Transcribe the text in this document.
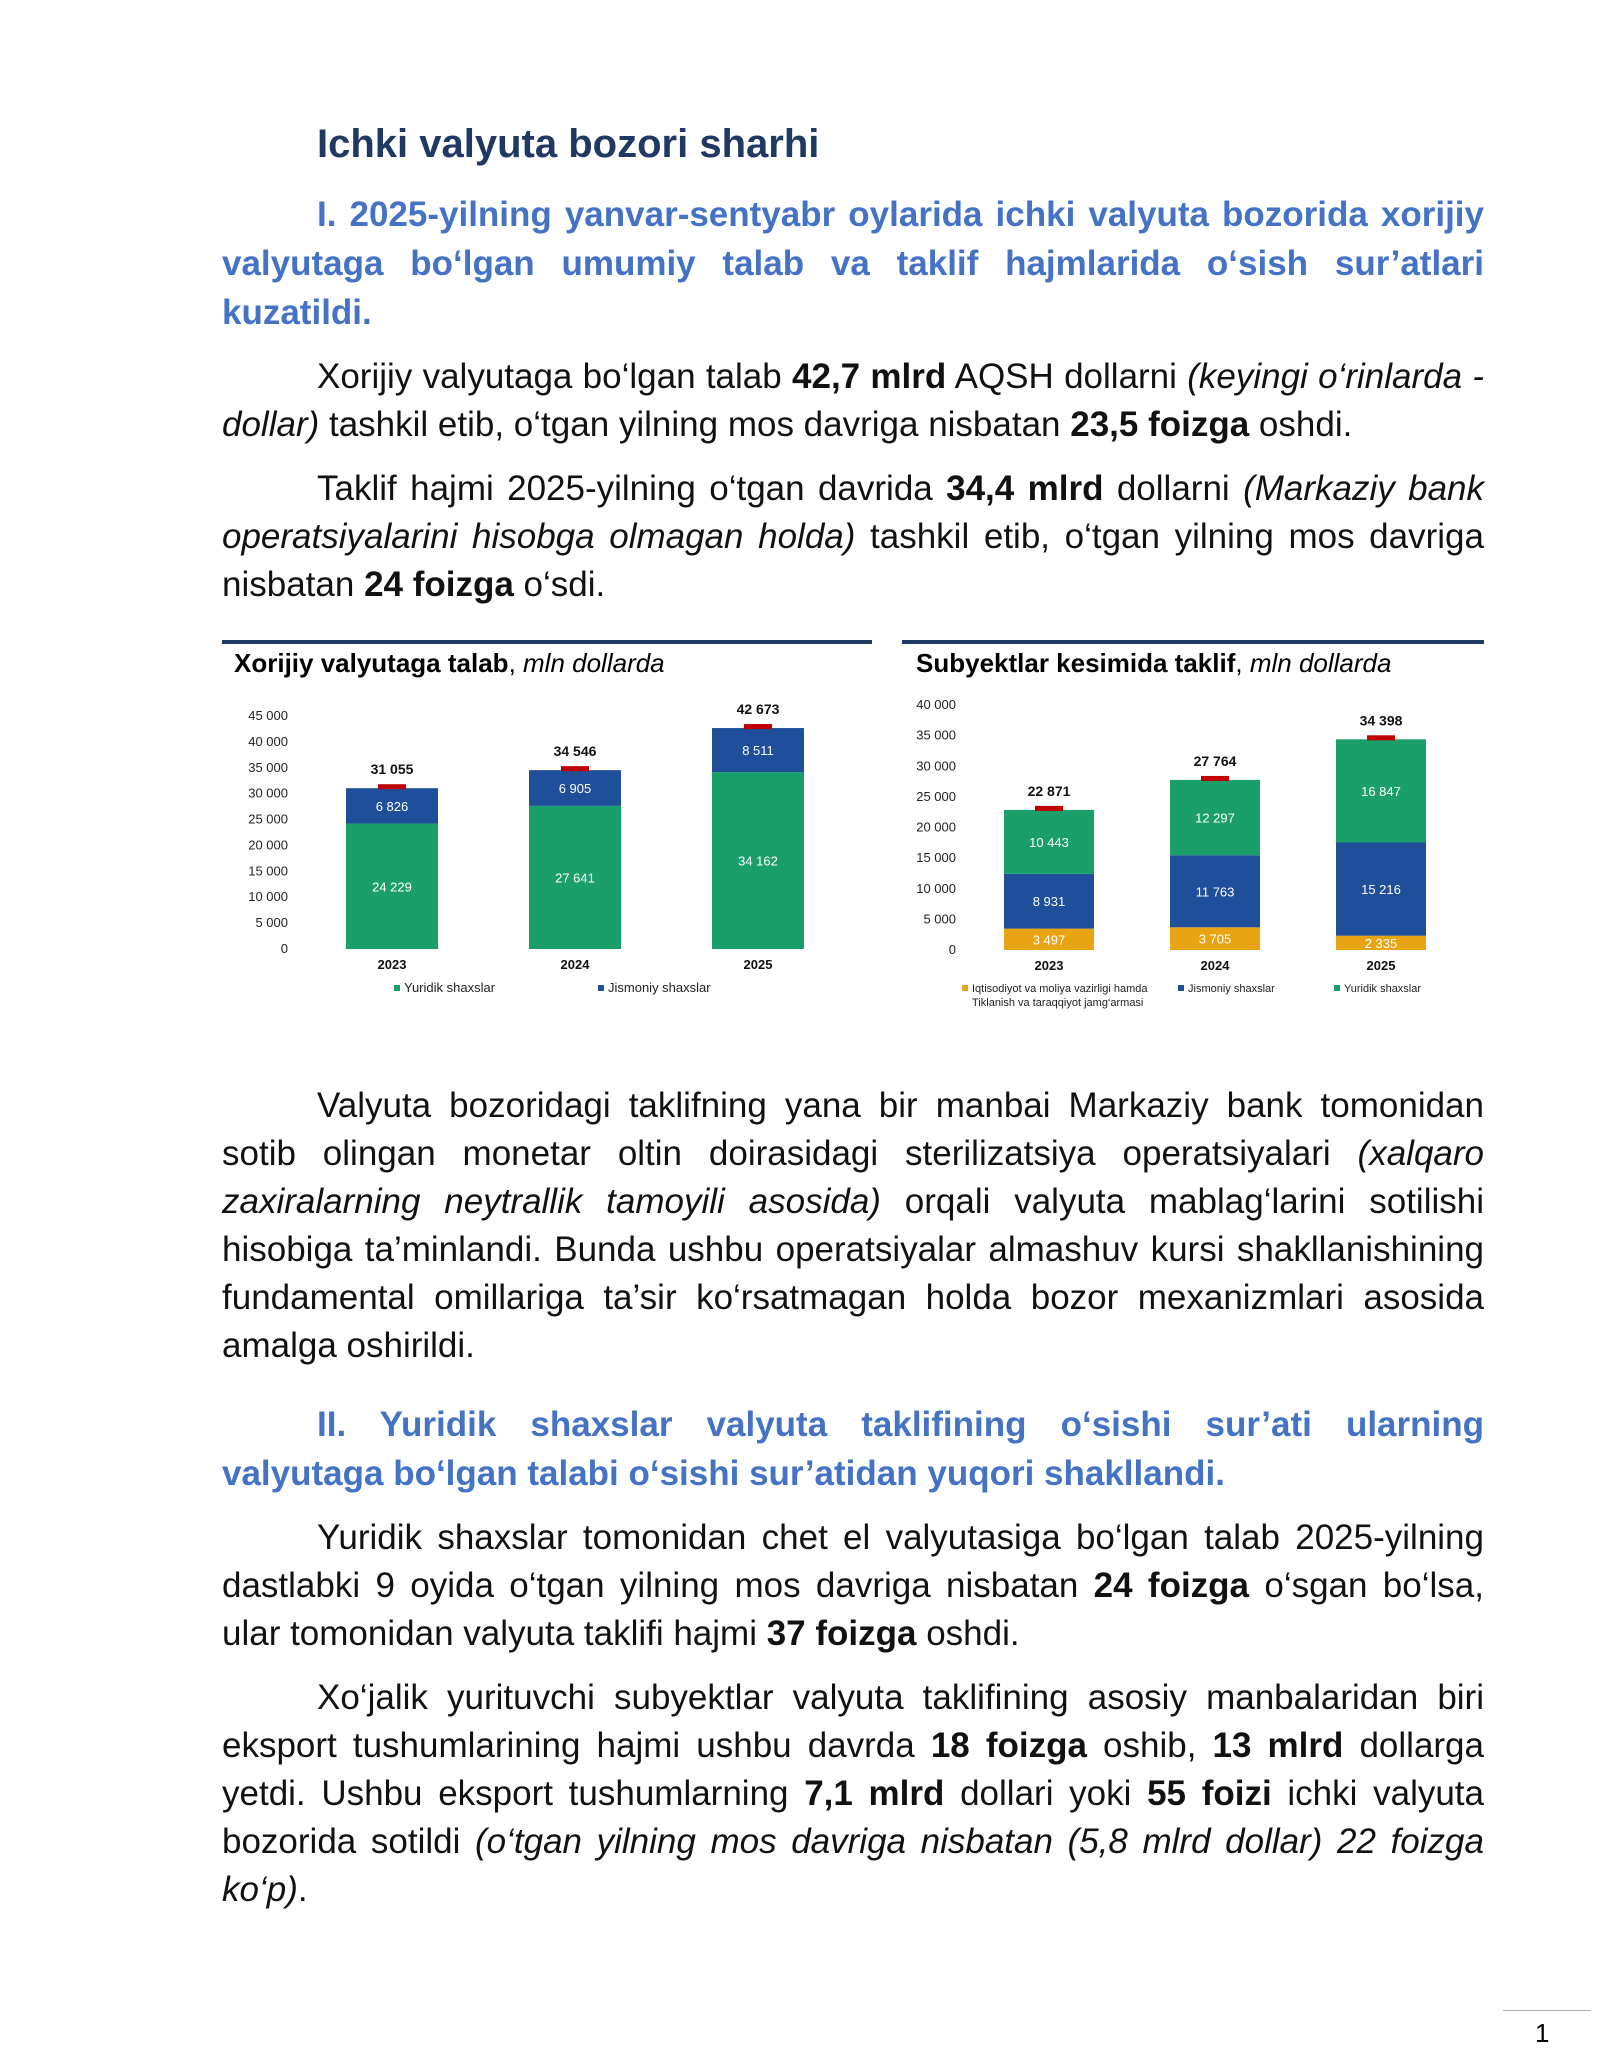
Ichki valyuta bozori sharhi

I. 2025-yilning yanvar-sentyabr oylarida ichki valyuta bozorida xorijiy valyutaga bo‘lgan umumiy talab va taklif hajmlarida o‘sish sur’atlari kuzatildi.

Xorijiy valyutaga bo‘lgan talab 42,7 mlrd AQSH dollarni (keyingi o‘rinlarda - dollar) tashkil etib, o‘tgan yilning mos davriga nisbatan 23,5 foizga oshdi.

Taklif hajmi 2025-yilning o‘tgan davrida 34,4 mlrd dollarni (Markaziy bank operatsiyalarini hisobga olmagan holda) tashkil etib, o‘tgan yilning mos davriga nisbatan 24 foizga o‘sdi.

Xorijiy valyutaga talab, mln dollarda
0
5 000
10 000
15 000
20 000
25 000
30 000
35 000
40 000
45 000
24 229
6 826
31 055
2023
27 641
6 905
34 546
2024
34 162
8 511
42 673
2025
Yuridik shaxslar	Jismoniy shaxslar
Subyektlar kesimida taklif, mln dollarda
0
5 000
10 000
15 000
20 000
25 000
30 000
35 000
40 000
3 497
8 931
10 443
22 871
2023
3 705
11 763
12 297
27 764
2024
2 335
15 216
16 847
34 398
2025
Iqtisodiyot va moliya vazirligi hamda
Tiklanish va taraqqiyot jamg‘armasi
Jismoniy shaxslar	Yuridik shaxslar

Valyuta bozoridagi taklifning yana bir manbai Markaziy bank tomonidan sotib olingan monetar oltin doirasidagi sterilizatsiya operatsiyalari (xalqaro zaxiralarning neytrallik tamoyili asosida) orqali valyuta mablag‘larini sotilishi hisobiga ta’minlandi. Bunda ushbu operatsiyalar almashuv kursi shakllanishining fundamental omillariga ta’sir ko‘rsatmagan holda bozor mexanizmlari asosida amalga oshirildi.

II. Yuridik shaxslar valyuta taklifining o‘sishi sur’ati ularning valyutaga bo‘lgan talabi o‘sishi sur’atidan yuqori shakllandi.

Yuridik shaxslar tomonidan chet el valyutasiga bo‘lgan talab 2025-yilning dastlabki 9 oyida o‘tgan yilning mos davriga nisbatan 24 foizga o‘sgan bo‘lsa, ular tomonidan valyuta taklifi hajmi 37 foizga oshdi.

Xo‘jalik yurituvchi subyektlar valyuta taklifining asosiy manbalaridan biri eksport tushumlarining hajmi ushbu davrda 18 foizga oshib, 13 mlrd dollarga yetdi. Ushbu eksport tushumlarning 7,1 mlrd dollari yoki 55 foizi ichki valyuta bozorida sotildi (o‘tgan yilning mos davriga nisbatan (5,8 mlrd dollar) 22 foizga ko‘p).

1
